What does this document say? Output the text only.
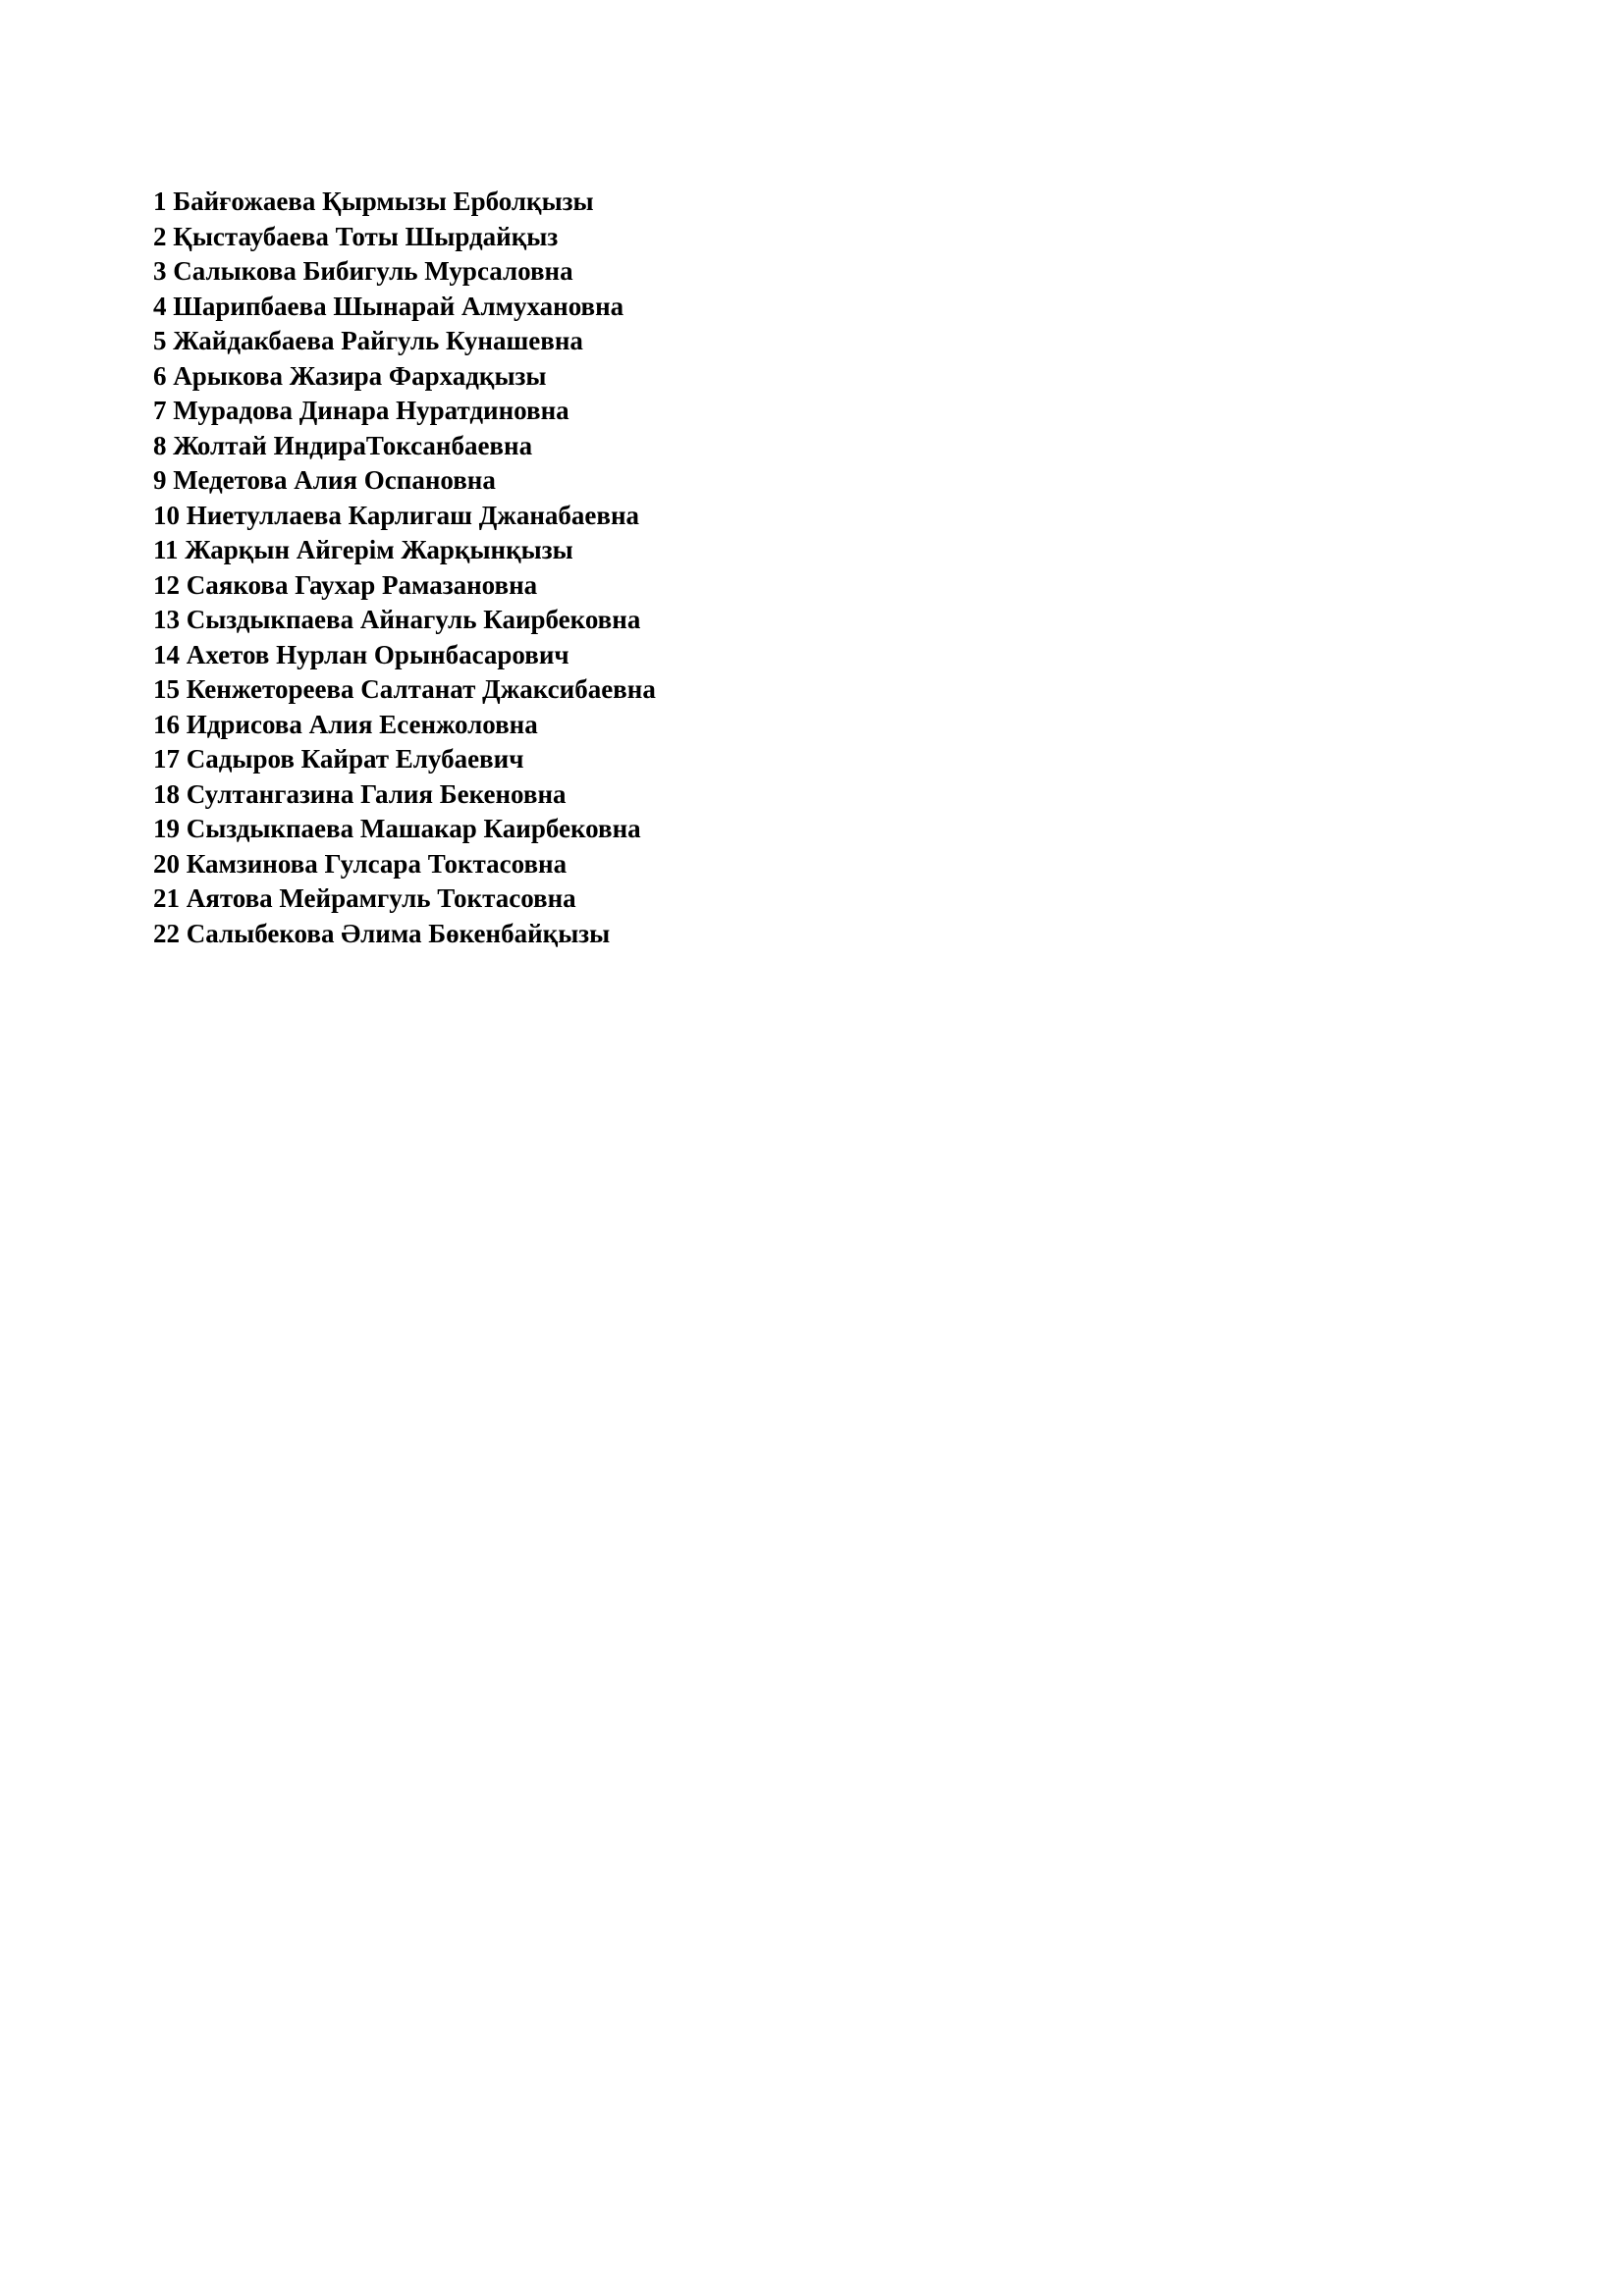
1 Байғожаева Қырмызы Ерболқызы
2 Қыстаубаева Тоты Шырдайқыз
3 Салыкова Бибигуль Мурсаловна
4 Шарипбаева Шынарай Алмухановна
5 Жайдакбаева Райгуль Кунашевна
6 Арыкова Жазира Фархадқызы
7 Мурадова Динара Нуратдиновна
8 Жолтай ИндираТоксанбаевна
9 Медетова Алия Оспановна
10 Ниетуллаева Карлигаш Джанабаевна
11 Жарқын Айгерім Жарқынқызы
12 Саякова Гаухар Рамазановна
13 Сыздыкпаева Айнагуль Каирбековна
14 Ахетов Нурлан Орынбасарович
15 Кенжетореева Салтанат Джаксибаевна
16 Идрисова Алия Есенжоловна
17 Садыров Кайрат Елубаевич
18 Султангазина Галия Бекеновна
19 Сыздыкпаева Машакар Каирбековна
20 Камзинова Гулсара Токтасовна
21 Аятова Мейрамгуль Токтасовна
22 Салыбекова Әлима Бөкенбайқызы
